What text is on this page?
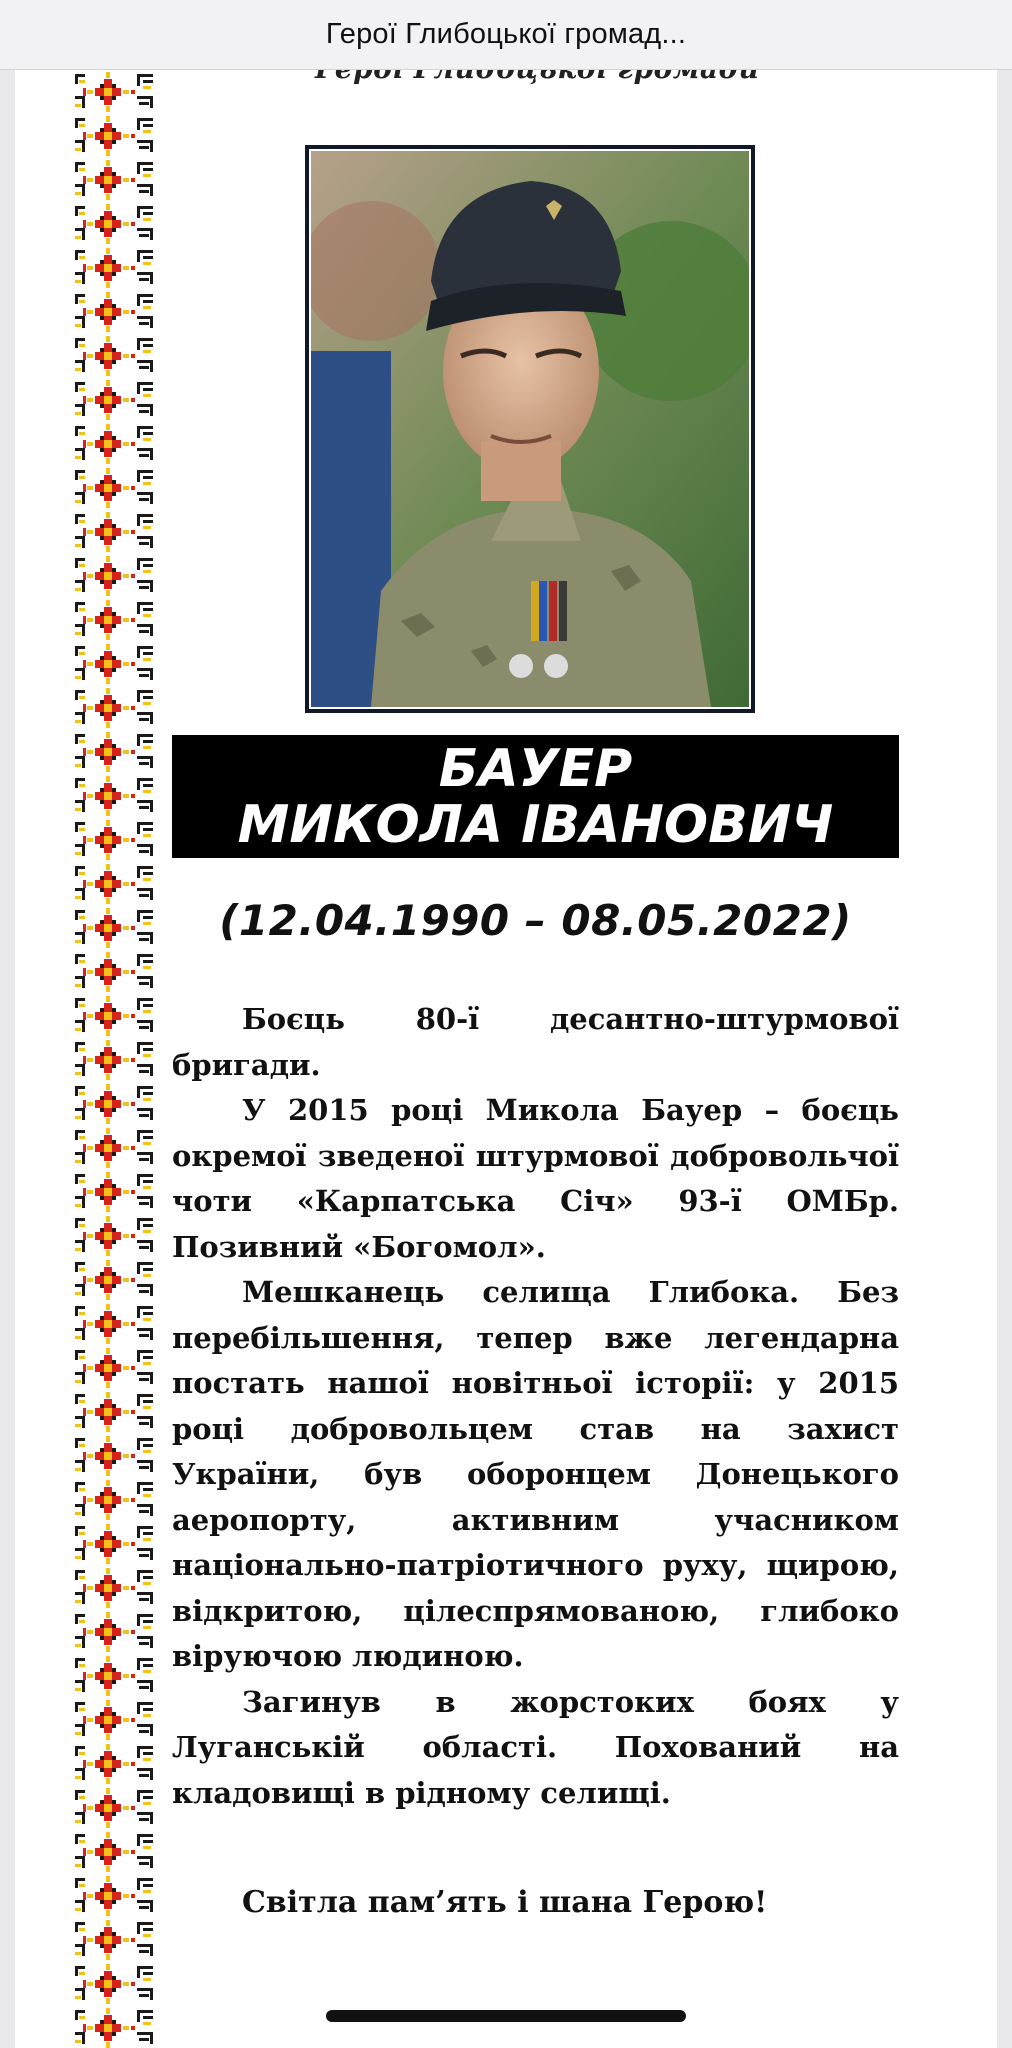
Герої Глибоцької громад...
БАУЕР
МИКОЛА ІВАНОВИЧ
(12.04.1990 – 08.05.2022)

Боєць 80-ї десантно-штурмової бригади.

У 2015 році Микола Бауер – боєць окремої зведеної штурмової добровольчої чоти «Карпатська Січ» 93-ї ОМБр. Позивний «Богомол».

Мешканець селища Глибока. Без перебільшення, тепер вже легендарна постать нашої новітньої історії: у 2015 році добровольцем став на захист України, був оборонцем Донецького аеропорту, активним учасником національно-патріотичного руху, щирою, відкритою, цілеспрямованою, глибоко віруючою людиною.

Загинув в жорстоких боях у Луганській області. Похований на кладовищі в рідному селищі.

Світла пам’ять і шана Герою!
